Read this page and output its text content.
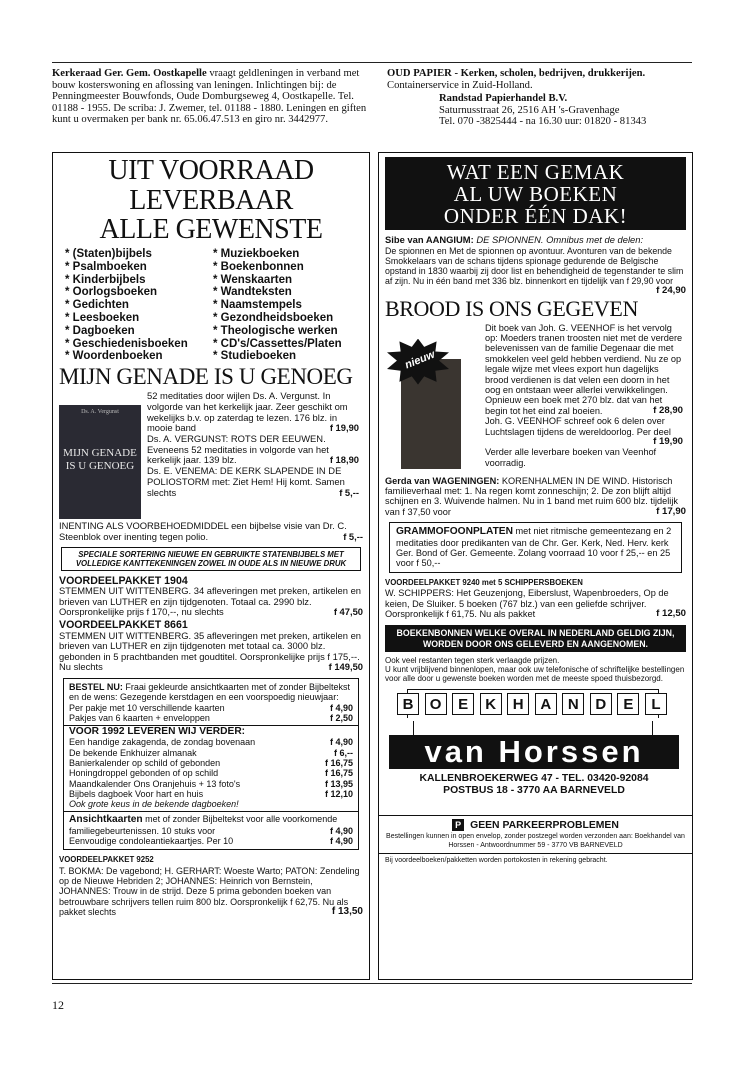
Kerkeraad Ger. Gem. Oostkapelle vraagt geldleningen in verband met bouw kosterswoning en aflossing van leningen. Inlichtingen bij: de Penningmeester Bouwfonds, Oude Domburgseweg 4, Oostkapelle. Tel. 01188 - 1955. De scriba: J. Zwemer, tel. 01188 - 1880. Leningen en giften kunt u overmaken per bank nr. 65.06.47.513 en giro nr. 3442977.
OUD PAPIER - Kerken, scholen, bedrijven, drukkerijen.
Containerservice in Zuid-Holland.
Randstad Papierhandel B.V.
Saturnusstraat 26, 2516 AH 's-Gravenhage
Tel. 070 -3825444 - na 16.30 uur: 01820 - 81343
UIT VOORRAAD LEVERBAAR
ALLE GEWENSTE
* (Staten)bijbels
* Psalmboeken
* Kinderbijbels
* Oorlogsboeken
* Gedichten
* Leesboeken
* Dagboeken
* Geschiedenisboeken
* Woordenboeken
* Muziekboeken
* Boekenbonnen
* Wenskaarten
* Wandteksten
* Naamstempels
* Gezondheidsboeken
* Theologische werken
* CD's/Cassettes/Platen
* Studieboeken
MIJN GENADE IS U GENOEG
Ds. A. Vergunst
MIJN GENADE IS U GENOEG
52 meditaties door wijlen Ds. A. Vergunst. In volgorde van het kerkelijk jaar. Zeer geschikt om wekelijks b.v. op zaterdag te lezen. 176 blz. in mooie band	f 19,90
Ds. A. VERGUNST: ROTS DER EEUWEN. Eveneens 52 meditaties in volgorde van het kerkelijk jaar. 139 blz.	f 18,90
Ds. E. VENEMA: DE KERK SLAPENDE IN DE POLIOSTORM met: Ziet Hem! Hij komt. Samen slechts	f 5,--
INENTING ALS VOORBEHOEDMIDDEL een bijbelse visie van Dr. C. Steenblok over inenting tegen polio.	f 5,--
SPECIALE SORTERING NIEUWE EN GEBRUIKTE STATENBIJBELS MET VOLLEDIGE KANTTEKENINGEN ZOWEL IN OUDE ALS IN NIEUWE DRUK
VOORDEELPAKKET 1904
STEMMEN UIT WITTENBERG. 34 afleveringen met preken, artikelen en brieven van LUTHER en zijn tijdgenoten. Totaal ca. 2990 blz. Oorspronkelijke prijs f 170,--, nu slechts	f 47,50
VOORDEELPAKKET 8661
STEMMEN UIT WITTENBERG. 35 afleveringen met preken, artikelen en brieven van LUTHER en zijn tijdgenoten met totaal ca. 3000 blz. gebonden in 5 prachtbanden met goudtitel. Oorspronkelijke prijs f 175,--. Nu slechts	f 149,50
BESTEL NU: Fraai gekleurde ansichtkaarten met of zonder Bijbeltekst en de wens: Gezegende kerstdagen en een voorspoedig nieuwjaar:
Per pakje met 10 verschillende kaarten	f 4,90
Pakjes van 6 kaarten + enveloppen	f 2,50
VOOR 1992 LEVEREN WIJ VERDER:
Een handige zakagenda, de zondag bovenaan	f 4,90
De bekende Enkhuizer almanak	f 6,--
Banierkalender op schild of gebonden	f 16,75
Honingdroppel gebonden of op schild	f 16,75
Maandkalender Ons Oranjehuis + 13 foto's	f 13,95
Bijbels dagboek Voor hart en huis	f 12,10
Ook grote keus in de bekende dagboeken!
Ansichtkaarten met of zonder Bijbeltekst voor alle voorkomende familiegebeurtenissen. 10 stuks voor	f 4,90
Eenvoudige condoleantiekaartjes. Per 10	f 4,90
VOORDEELPAKKET 9252
T. BOKMA: De vagebond; H. GERHART: Woeste Warto; PATON: Zendeling op de Nieuwe Hebriden 2; JOHANNES: Heinrich von Bernstein, JOHANNES: Trouw in de strijd. Deze 5 prima gebonden boeken van betrouwbare schrijvers tellen ruim 800 blz. Oorspronkelijk f 62,75. Nu als pakket slechts	f 13,50
WAT EEN GEMAK
AL UW BOEKEN
ONDER ÉÉN DAK!
Sibe van AANGIUM: DE SPIONNEN. Omnibus met de delen:
De spionnen en Met de spionnen op avontuur. Avonturen van de bekende Smokkelaars van de schans tijdens spionage gedurende de Belgische opstand in 1830 waarbij zij door list en behendigheid de tegenstander te slim af zijn. Nu in één band met 336 blz. binnenkort en tijdelijk van f 29,90 voor
f 24,90
BROOD IS ONS GEGEVEN
nieuw
Dit boek van Joh. G. VEENHOF is het vervolg op: Moeders tranen troosten niet met de verdere belevenissen van de familie Degenaar die met smokkelen veel geld hebben verdiend. Nu ze op legale wijze met vlees export hun dagelijks brood verdienen is dat velen een doorn in het oog en ontstaan weer allerlei verwikkelingen. Opnieuw een boek met 270 blz. dat van het begin tot het eind zal boeien.	f 28,90
Joh. G. VEENHOF schreef ook 6 delen over Luchtslagen tijdens de wereldoorlog. Per deel
f 19,90
Verder alle leverbare boeken van Veenhof voorradig.
Gerda van WAGENINGEN: KORENHALMEN IN DE WIND. Historisch familieverhaal met: 1. Na regen komt zonneschijn; 2. De zon blijft altijd schijnen en 3. Wuivende halmen. Nu in 1 band met ruim 600 blz. tijdelijk van f 37,50 voor	f 17,90
GRAMMOFOONPLATEN met niet ritmische gemeentezang en 2 meditaties door predikanten van de Chr. Ger. Kerk, Ned. Herv. kerk Ger. Bond of Ger. Gemeente. Zolang voorraad 10 voor f 25,-- en 25 voor f 50,--
VOORDEELPAKKET 9240 met 5 SCHIPPERSBOEKEN
W. SCHIPPERS: Het Geuzenjong, Eiberslust, Wapenbroeders, Op de keien, De Sluiker. 5 boeken (767 blz.) van een geliefde schrijver. Oorspronkelijk f 61,75. Nu als pakket	f 12,50
BOEKENBONNEN WELKE OVERAL IN NEDERLAND GELDIG ZIJN, WORDEN DOOR ONS GELEVERD EN AANGENOMEN.
Ook veel restanten tegen sterk verlaagde prijzen.
U kunt vrijblijvend binnenlopen, maar ook uw telefonische of schriftelijke bestellingen voor alle door u gewenste boeken worden met de meeste spoed thuisbezorgd.
B	O	E	K	H	A	N	D	E	L
van Horssen
KALLENBROEKERWEG 47 - TEL. 03420-92084
POSTBUS 18 - 3770 AA BARNEVELD
P GEEN PARKEERPROBLEMEN
Bestellingen kunnen in open envelop, zonder postzegel worden verzonden aan: Boekhandel van Horssen - Antwoordnummer 59 - 3770 VB BARNEVELD
Bij voordeelboeken/pakketten worden portokosten in rekening gebracht.
12
